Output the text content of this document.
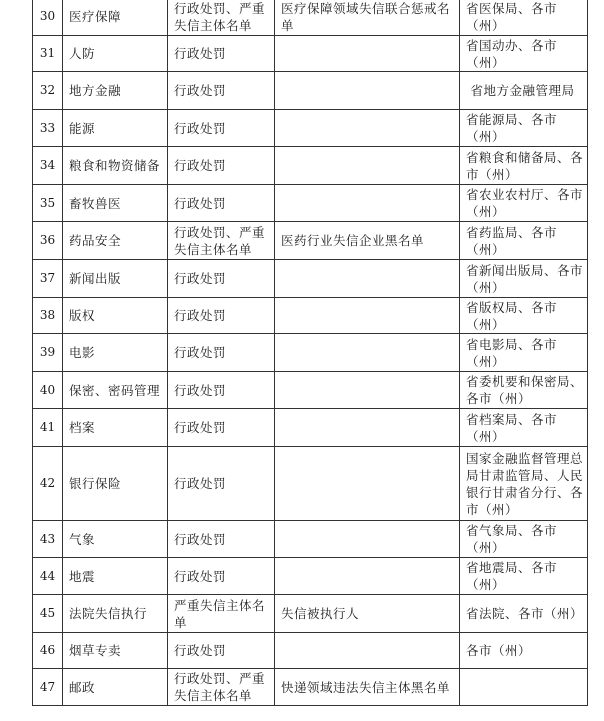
30	医疗保障	行政处罚、严重失信主体名单	医疗保障领域失信联合惩戒名单	省医保局、各市（州）

31	人防	行政处罚		省国动办、各市（州）

32	地方金融	行政处罚		省地方金融管理局

33	能源	行政处罚		省能源局、各市（州）

34	粮食和物资储备	行政处罚		省粮食和储备局、各市（州）

35	畜牧兽医	行政处罚		省农业农村厅、各市（州）

36	药品安全	行政处罚、严重失信主体名单	医药行业失信企业黑名单	省药监局、各市（州）

37	新闻出版	行政处罚		省新闻出版局、各市（州）

38	版权	行政处罚		省版权局、各市（州）

39	电影	行政处罚		省电影局、各市（州）

40	保密、密码管理	行政处罚		省委机要和保密局、各市（州）

41	档案	行政处罚		省档案局、各市（州）

42	银行保险	行政处罚		国家金融监督管理总局甘肃监管局、人民银行甘肃省分行、各市（州）

43	气象	行政处罚		省气象局、各市（州）

44	地震	行政处罚		省地震局、各市（州）

45	法院失信执行	严重失信主体名单	失信被执行人	省法院、各市（州）

46	烟草专卖	行政处罚		各市（州）

47	邮政	行政处罚、严重失信主体名单	快递领域违法失信主体黑名单	
